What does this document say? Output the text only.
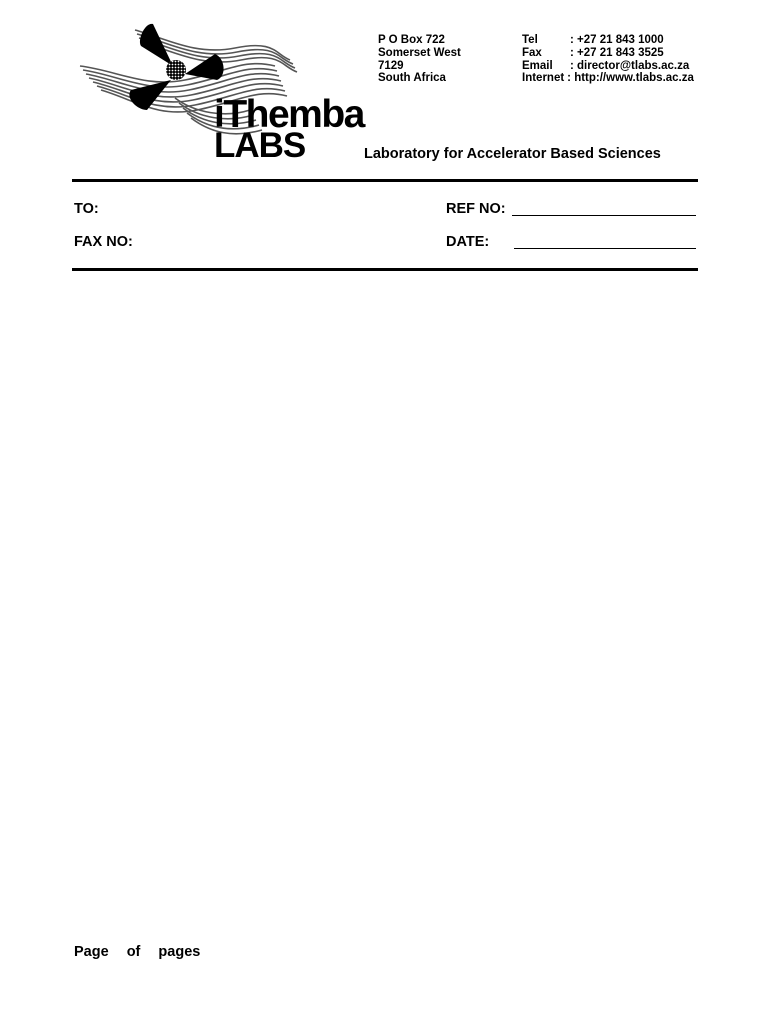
iThemba
LABS
P O Box 722
Somerset West
7129
South Africa
Tel	: +27 21 843 1000
Fax	: +27 21 843 3525
Email	: director@tlabs.ac.za
Internet : http://www.tlabs.ac.za
Laboratory for Accelerator Based Sciences
TO:	REF NO:
FAX NO:	DATE:
Page of pages
